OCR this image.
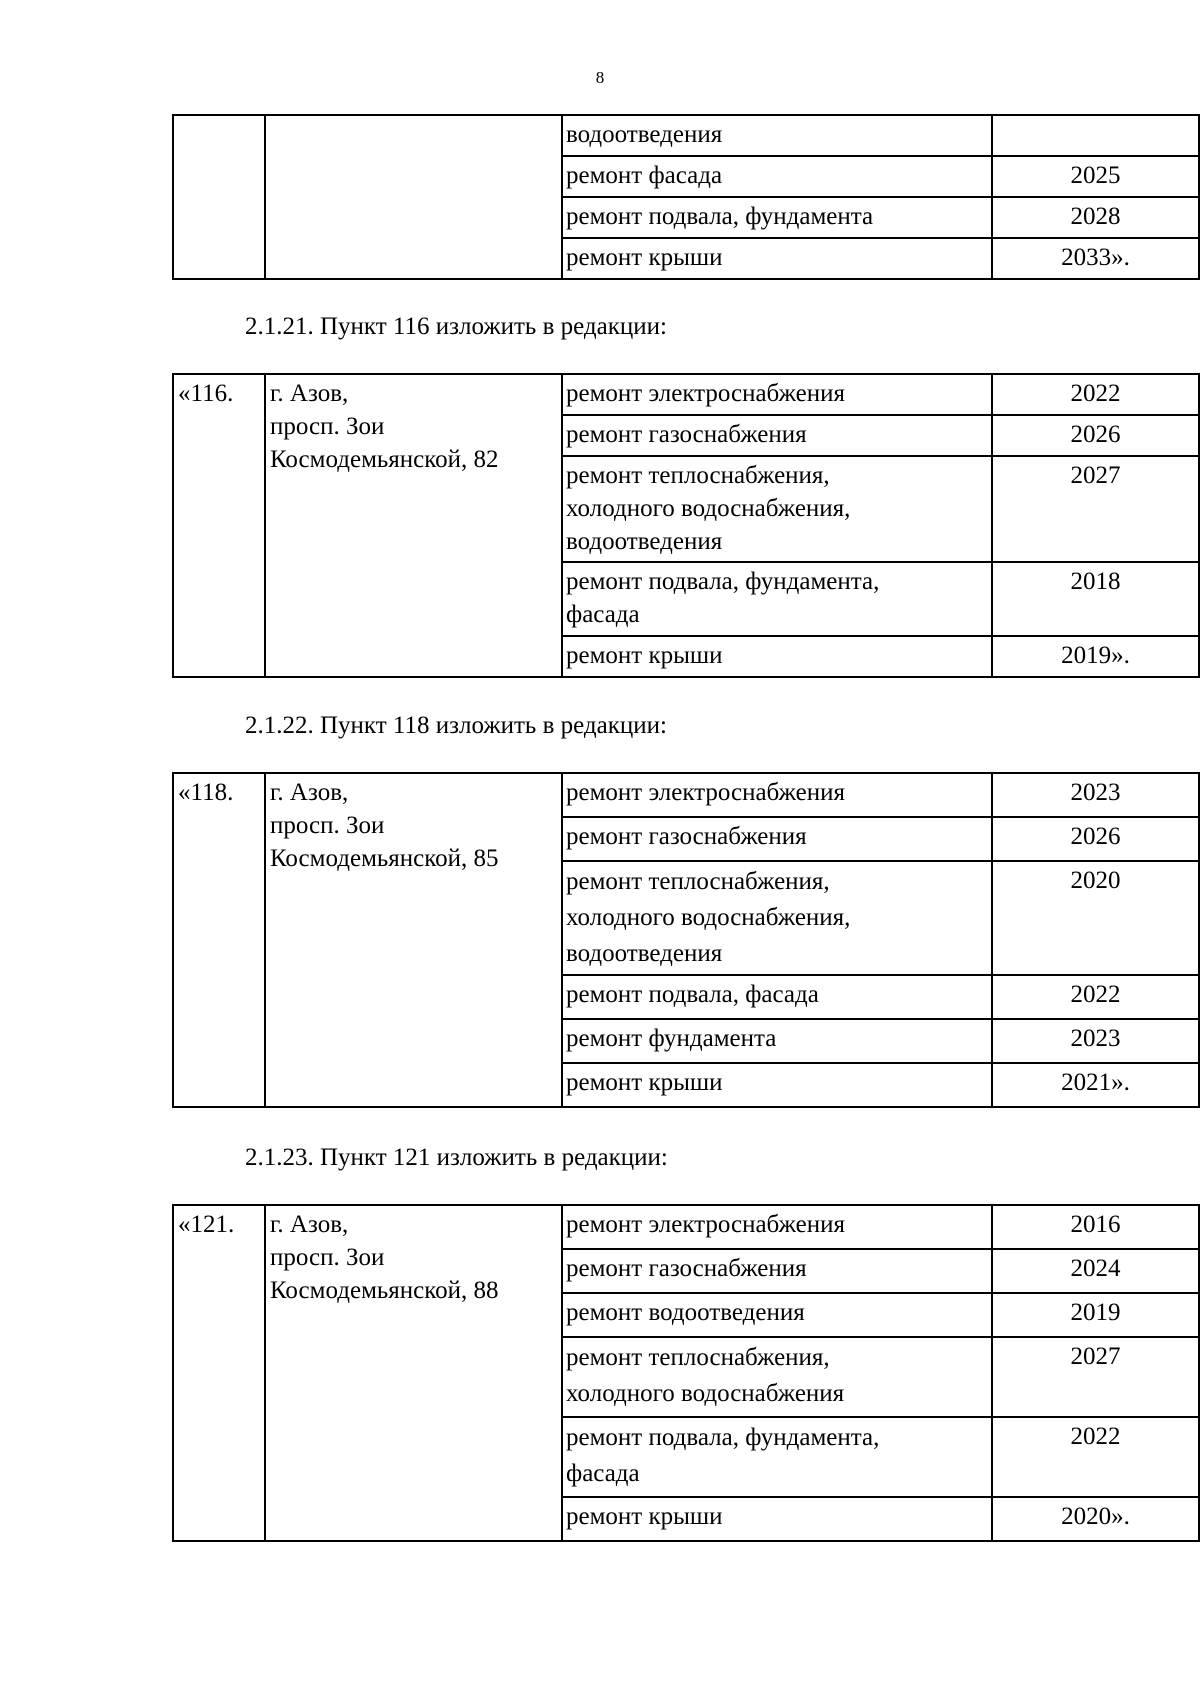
8
		водоотведения	
		ремонт фасада	2025
		ремонт подвала, фундамента	2028
		ремонт крыши	2033».
2.1.21. Пункт 116 изложить в редакции:
«116.	г. Азов,
просп. Зои
Космодемьянской, 82	ремонт электроснабжения	2022

		ремонт газоснабжения	2026

		ремонт теплоснабжения,
холодного водоснабжения,
водоотведения	2027

		ремонт подвала, фундамента,
фасада	2018

		ремонт крыши	2019».
2.1.22. Пункт 118 изложить в редакции:
«118.	г. Азов,
просп. Зои
Космодемьянской, 85	ремонт электроснабжения	2023

		ремонт газоснабжения	2026

		ремонт теплоснабжения,
холодного водоснабжения,
водоотведения	2020

		ремонт подвала, фасада	2022

		ремонт фундамента	2023

		ремонт крыши	2021».
2.1.23. Пункт 121 изложить в редакции:
«121.	г. Азов,
просп. Зои
Космодемьянской, 88	ремонт электроснабжения	2016

		ремонт газоснабжения	2024

		ремонт водоотведения	2019

		ремонт теплоснабжения,
холодного водоснабжения	2027

		ремонт подвала, фундамента,
фасада	2022

		ремонт крыши	2020».
